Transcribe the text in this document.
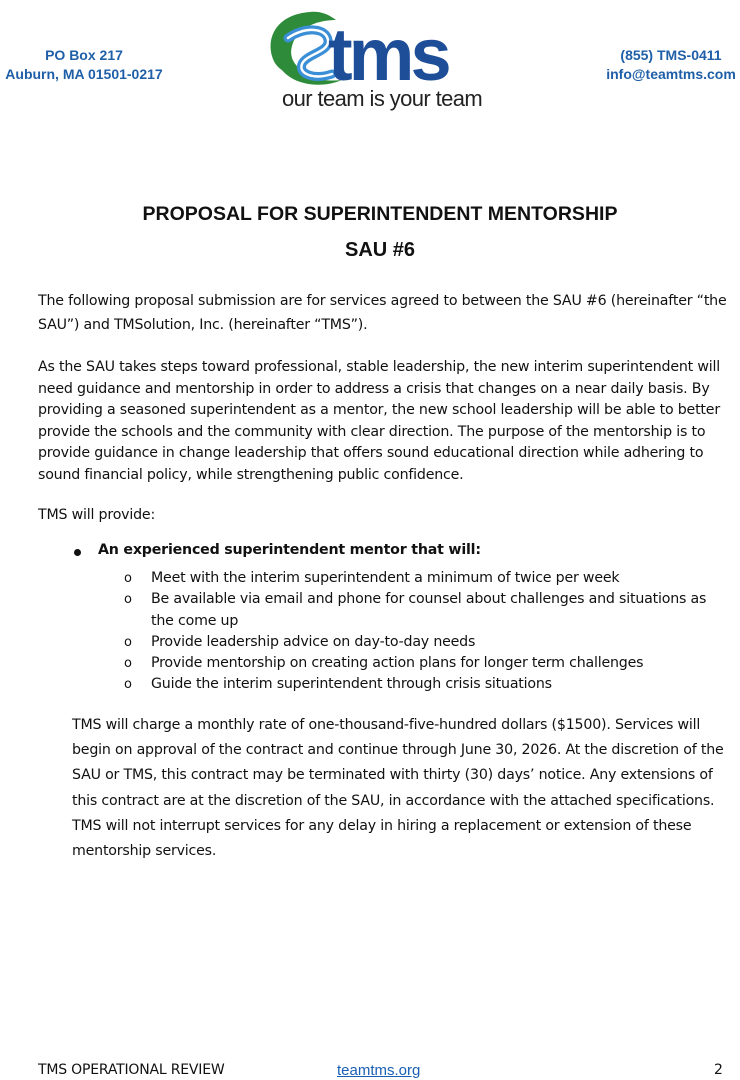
PO Box 217
Auburn, MA 01501-0217 tms
our team is your team
(855) TMS-0411
info@teamtms.com
PROPOSAL FOR SUPERINTENDENT MENTORSHIP
SAU #6
The following proposal submission are for services agreed to between the SAU #6 (hereinafter “the SAU”) and TMSolution, Inc. (hereinafter “TMS”).
As the SAU takes steps toward professional, stable leadership, the new interim superintendent will need guidance and mentorship in order to address a crisis that changes on a near daily basis. By providing a seasoned superintendent as a mentor, the new school leadership will be able to better provide the schools and the community with clear direction. The purpose of the mentorship is to provide guidance in change leadership that offers sound educational direction while adhering to sound financial policy, while strengthening public confidence.
TMS will provide:
An experienced superintendent mentor that will:
o Meet with the interim superintendent a minimum of twice per week
o Be available via email and phone for counsel about challenges and situations as the come up
o Provide leadership advice on day-to-day needs
o Provide mentorship on creating action plans for longer term challenges
o Guide the interim superintendent through crisis situations
TMS will charge a monthly rate of one-thousand-five-hundred dollars ($1500). Services will begin on approval of the contract and continue through June 30, 2026. At the discretion of the SAU or TMS, this contract may be terminated with thirty (30) days’ notice. Any extensions of this contract are at the discretion of the SAU, in accordance with the attached specifications. TMS will not interrupt services for any delay in hiring a replacement or extension of these mentorship services.
TMS OPERATIONAL REVIEW	teamtms.org	2
